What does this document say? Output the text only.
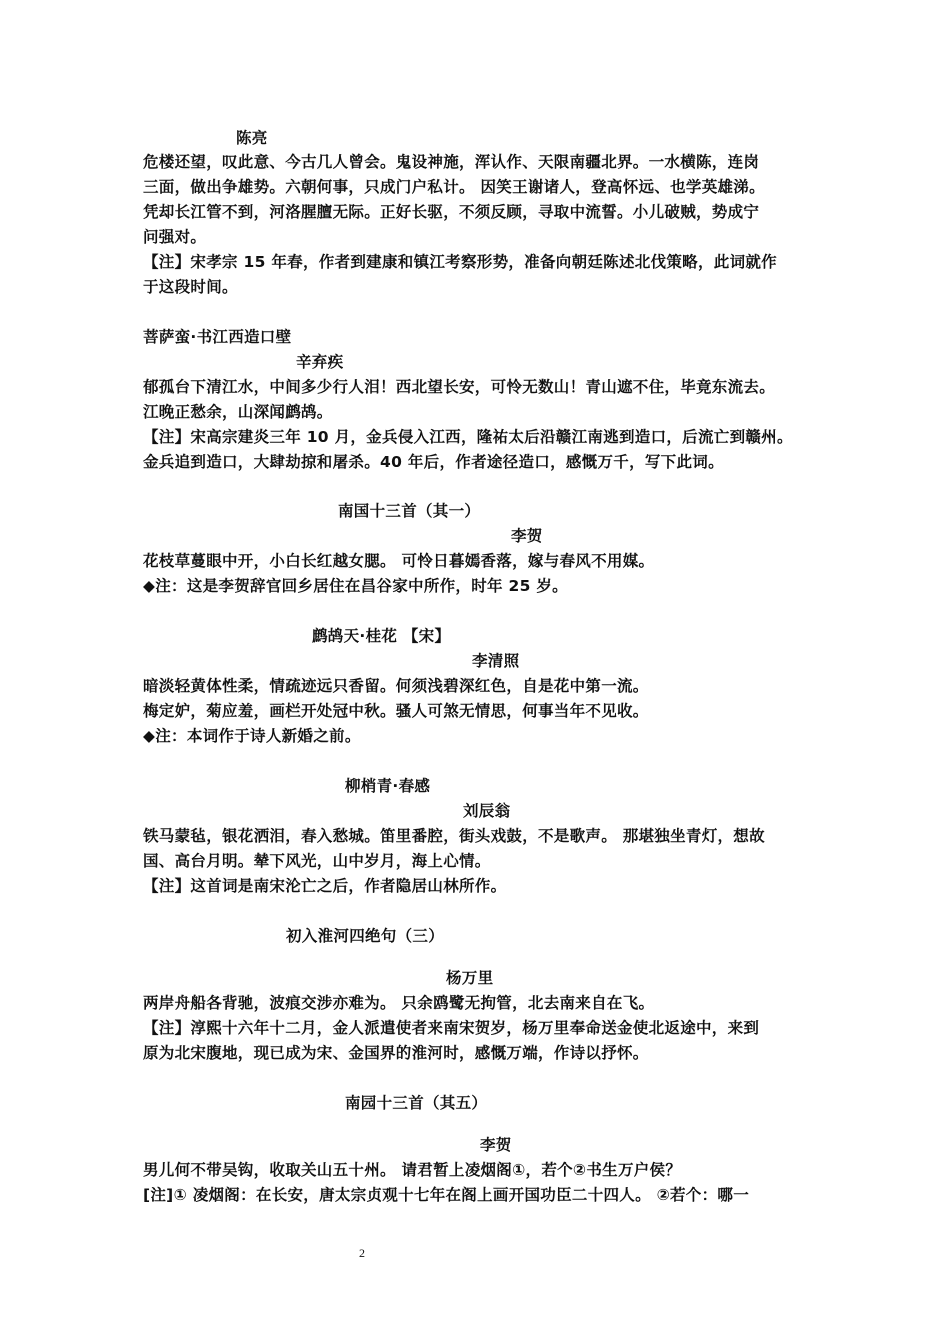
陈亮
危楼还望，叹此意、今古几人曾会。鬼设神施，浑认作、天限南疆北界。一水横陈，连岗
三面，做出争雄势。六朝何事，只成门户私计。 因笑王谢诸人，登高怀远、也学英雄涕。
凭却长江管不到，河洛腥膻无际。正好长驱，不须反顾，寻取中流誓。小儿破贼，势成宁
问强对。
【注】宋孝宗 15 年春，作者到建康和镇江考察形势，准备向朝廷陈述北伐策略，此词就作
于这段时间。
菩萨蛮·书江西造口壁
辛弃疾
郁孤台下清江水，中间多少行人泪！西北望长安，可怜无数山！青山遮不住，毕竟东流去。
江晚正愁余，山深闻鹧鸪。
【注】宋高宗建炎三年 10 月，金兵侵入江西，隆祐太后沿赣江南逃到造口，后流亡到赣州。
金兵追到造口，大肆劫掠和屠杀。40 年后，作者途径造口，感慨万千，写下此词。
南国十三首（其一）
李贺
花枝草蔓眼中开，小白长红越女腮。 可怜日暮嫣香落，嫁与春风不用媒。
◆注：这是李贺辞官回乡居住在昌谷家中所作，时年 25 岁。
鹧鸪天·桂花 【宋】
李清照
暗淡轻黄体性柔，情疏迹远只香留。何须浅碧深红色，自是花中第一流。
梅定妒，菊应羞，画栏开处冠中秋。骚人可煞无情思，何事当年不见收。
◆注：本词作于诗人新婚之前。
柳梢青·春感
刘辰翁
铁马蒙毡，银花洒泪，春入愁城。笛里番腔，街头戏鼓，不是歌声。 那堪独坐青灯，想故
国、高台月明。辇下风光，山中岁月，海上心情。
【注】这首词是南宋沦亡之后，作者隐居山林所作。
初入淮河四绝句（三）
杨万里
两岸舟船各背驰，波痕交涉亦难为。 只余鸥鹭无拘管，北去南来自在飞。
【注】淳熙十六年十二月，金人派遣使者来南宋贺岁，杨万里奉命送金使北返途中，来到
原为北宋腹地，现已成为宋、金国界的淮河时，感慨万端，作诗以抒怀。
南园十三首（其五）
李贺
男儿何不带吴钩，收取关山五十州。 请君暂上凌烟阁①，若个②书生万户侯？
[注]① 凌烟阁：在长安，唐太宗贞观十七年在阁上画开国功臣二十四人。 ②若个：哪一
2
